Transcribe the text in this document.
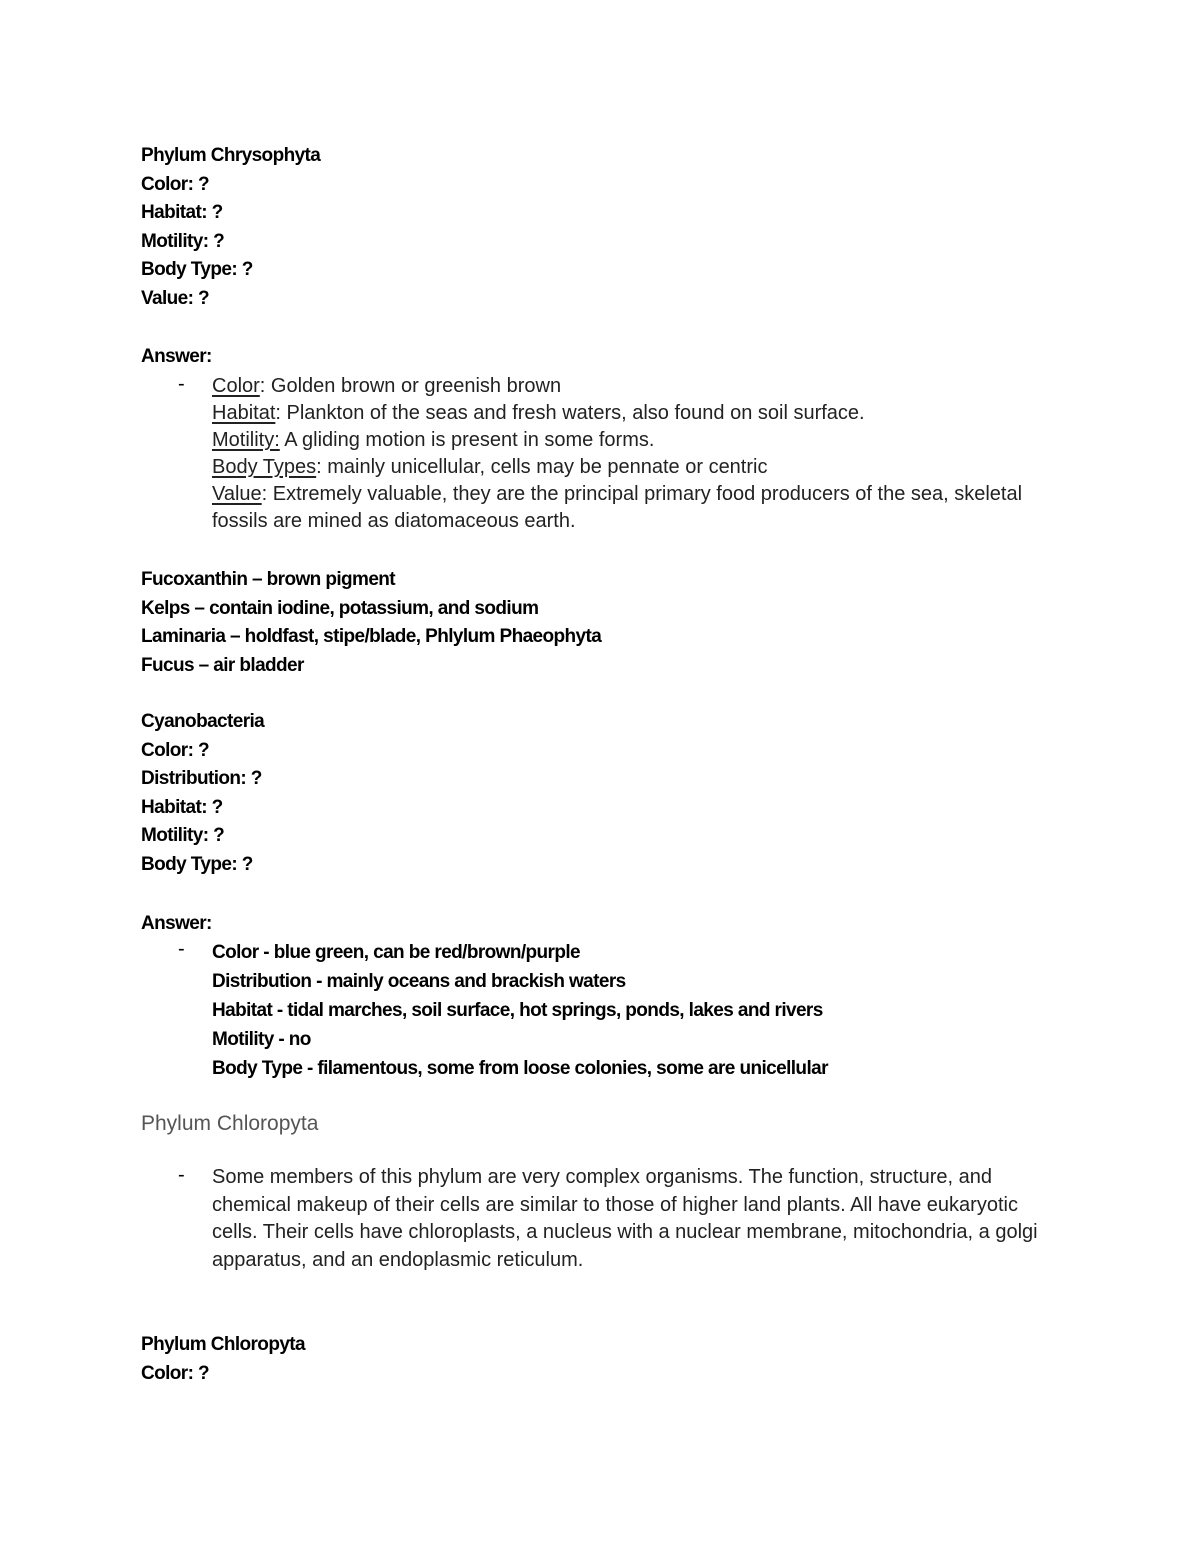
Phylum Chrysophyta
Color: ?
Habitat: ?
Motility: ?
Body Type: ?
Value: ?
Answer:
- Color: Golden brown or greenish brown
Habitat: Plankton of the seas and fresh waters, also found on soil surface.
Motility: A gliding motion is present in some forms.
Body Types: mainly unicellular, cells may be pennate or centric
Value: Extremely valuable, they are the principal primary food producers of the sea, skeletal fossils are mined as diatomaceous earth.
Fucoxanthin – brown pigment
Kelps – contain iodine, potassium, and sodium
Laminaria – holdfast, stipe/blade, Phlylum Phaeophyta
Fucus – air bladder
Cyanobacteria
Color: ?
Distribution: ?
Habitat: ?
Motility: ?
Body Type: ?
Answer:
- Color - blue green, can be red/brown/purple
Distribution - mainly oceans and brackish waters
Habitat - tidal marches, soil surface, hot springs, ponds, lakes and rivers
Motility - no
Body Type - filamentous, some from loose colonies, some are unicellular
Phylum Chloropyta
- Some members of this phylum are very complex organisms. The function, structure, and chemical makeup of their cells are similar to those of higher land plants. All have eukaryotic cells. Their cells have chloroplasts, a nucleus with a nuclear membrane, mitochondria, a golgi apparatus, and an endoplasmic reticulum.
Phylum Chloropyta
Color: ?
